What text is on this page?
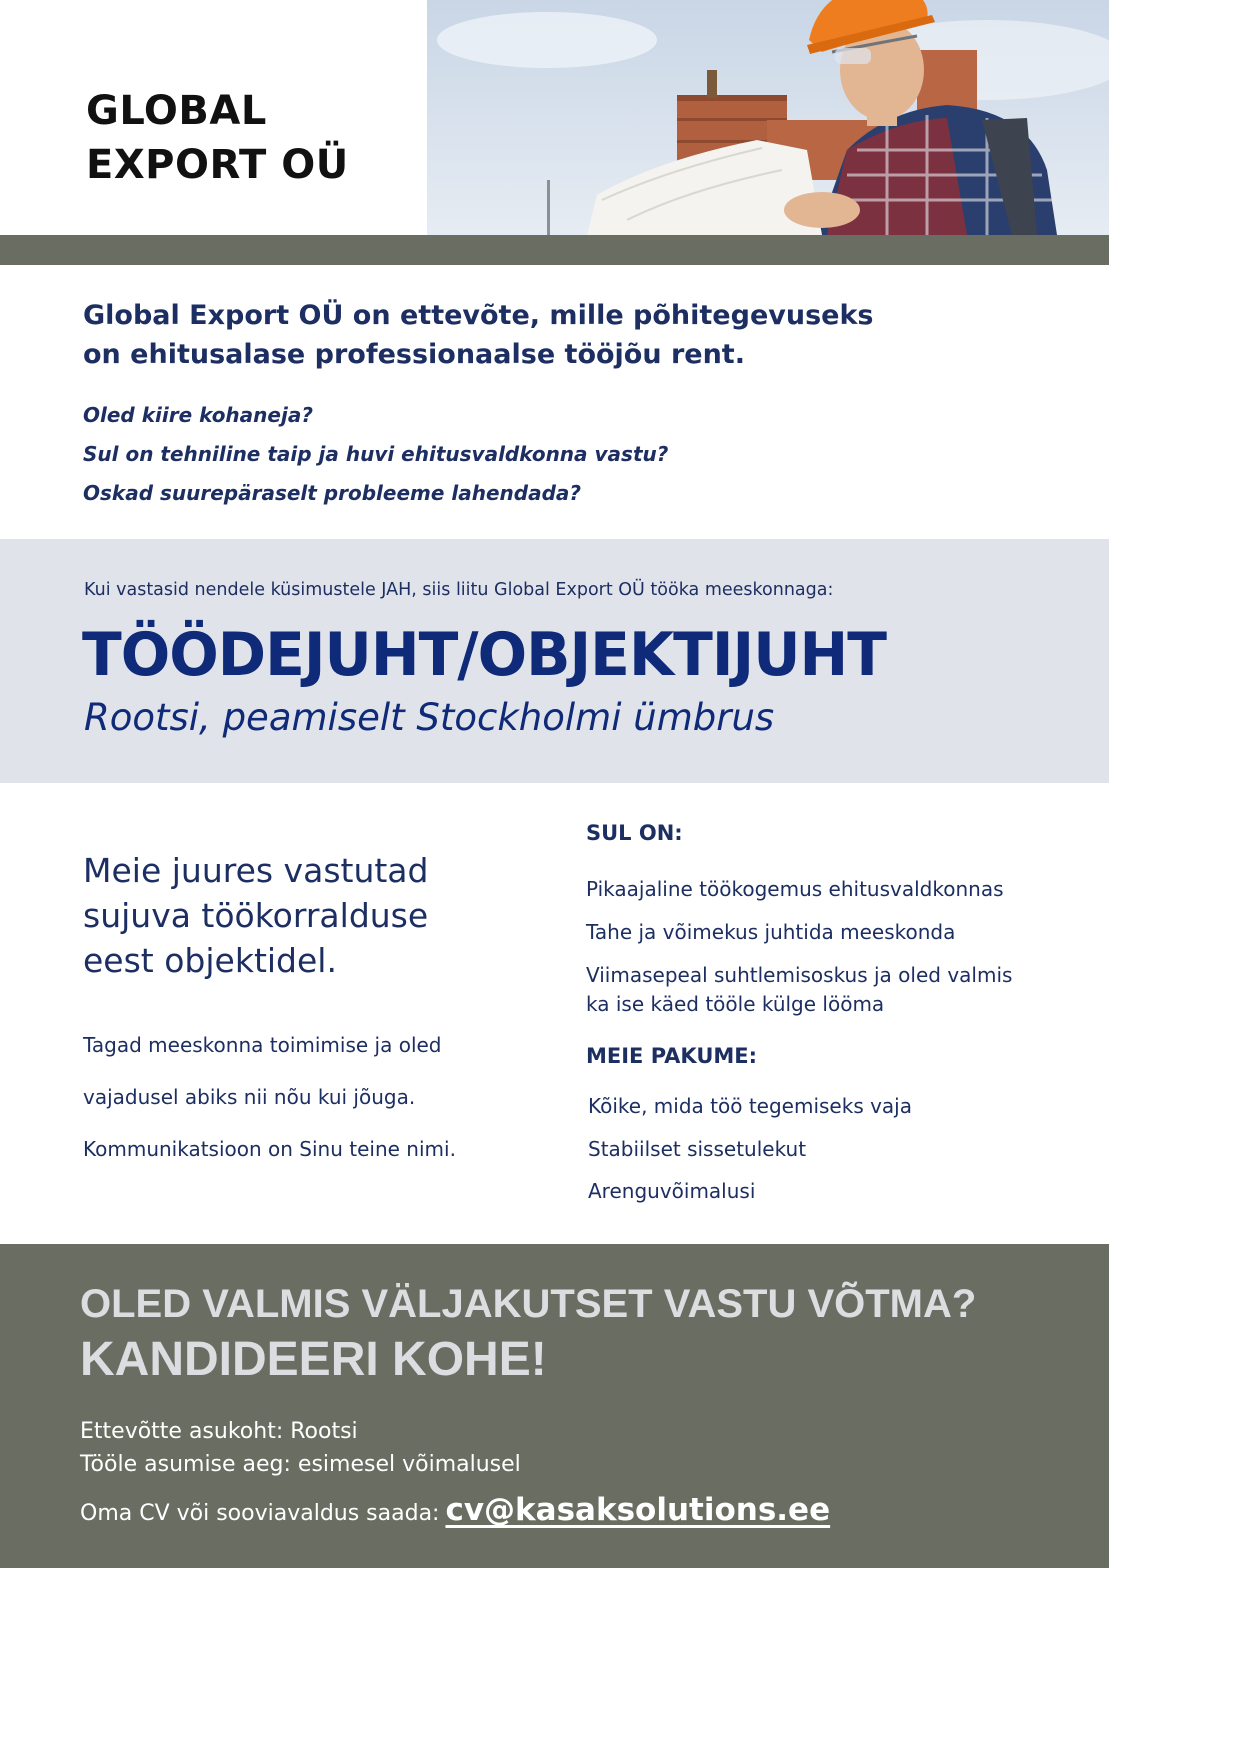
GLOBAL
EXPORT OÜ
Global Export OÜ on ettevõte, mille põhitegevuseks
on ehitusalase professionaalse tööjõu rent.
Oled kiire kohaneja?
Sul on tehniline taip ja huvi ehitusvaldkonna vastu?
Oskad suurepäraselt probleeme lahendada?
Kui vastasid nendele küsimustele JAH, siis liitu Global Export OÜ tööka meeskonnaga:
TÖÖDEJUHT/OBJEKTIJUHT
Rootsi, peamiselt Stockholmi ümbrus
Meie juures vastutad
sujuva töökorralduse
eest objektidel.
Tagad meeskonna toimimise ja oled
vajadusel abiks nii nõu kui jõuga.
Kommunikatsioon on Sinu teine nimi.
SUL ON:
Pikaajaline töökogemus ehitusvaldkonnas
Tahe ja võimekus juhtida meeskonda
Viimasepeal suhtlemisoskus ja oled valmis
ka ise käed tööle külge lööma
MEIE PAKUME:
Kõike, mida töö tegemiseks vaja
Stabiilset sissetulekut
Arenguvõimalusi
OLED VALMIS VÄLJAKUTSET VASTU VÕTMA?
KANDIDEERI KOHE!
Ettevõtte asukoht: Rootsi
Tööle asumise aeg: esimesel võimalusel
Oma CV või sooviavaldus saada: cv@kasaksolutions.ee
